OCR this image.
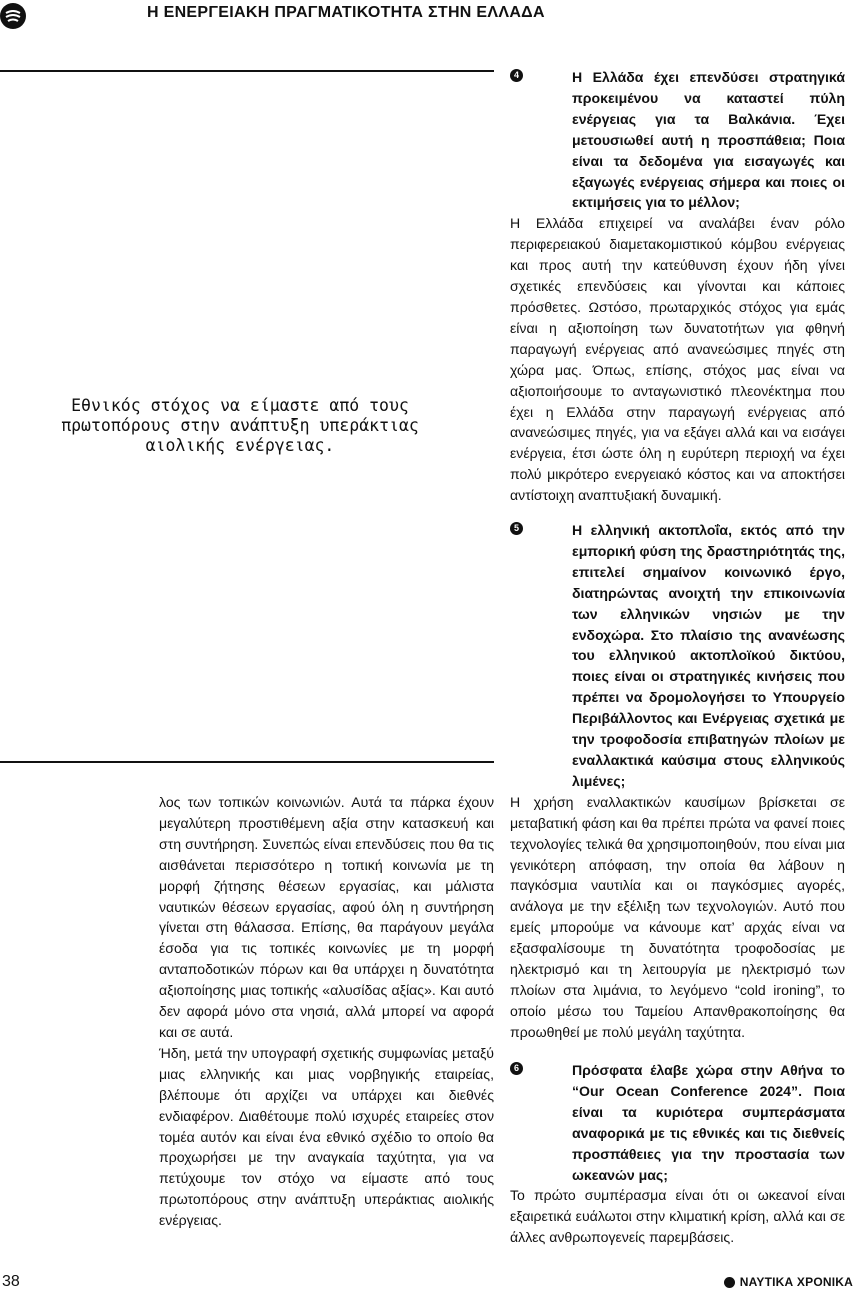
Η ΕΝΕΡΓΕΙΑΚΗ ΠΡΑΓΜΑΤΙΚΟΤΗΤΑ ΣΤΗΝ ΕΛΛΑΔΑ
Εθνικός στόχος να είμαστε από τους
πρωτοπόρους στην ανάπτυξη υπεράκτιας
αιολικής ενέργειας.

λος των τοπικών κοινωνιών. Αυτά τα πάρκα έχουν μεγαλύτερη προστιθέμενη αξία στην κατασκευή και στη συντήρηση. Συνεπώς είναι επενδύσεις που θα τις αισθάνεται περισσότερο η τοπική κοινωνία με τη μορφή ζήτησης θέσεων εργασίας, και μάλιστα ναυτικών θέσεων εργασίας, αφού όλη η συντήρηση γίνεται στη θάλασσα. Επίσης, θα παράγουν μεγάλα έσοδα για τις τοπικές κοινωνίες με τη μορφή ανταποδοτικών πόρων και θα υπάρχει η δυνατότητα αξιοποίησης μιας τοπικής «αλυσίδας αξίας». Και αυτό δεν αφορά μόνο στα νησιά, αλλά μπορεί να αφορά και σε αυτά.

Ήδη, μετά την υπογραφή σχετικής συμφωνίας μεταξύ μιας ελληνικής και μιας νορβηγικής εταιρείας, βλέπουμε ότι αρχίζει να υπάρχει και διεθνές ενδιαφέρον. Διαθέτουμε πολύ ισχυρές εταιρείες στον τομέα αυτόν και είναι ένα εθνικό σχέδιο το οποίο θα προχωρήσει με την αναγκαία ταχύτητα, για να πετύχουμε τον στόχο να είμαστε από τους πρωτοπόρους στην ανάπτυξη υπεράκτιας αιολικής ενέργειας.

4	Η Ελλάδα έχει επενδύσει στρατηγικά προκειμένου να καταστεί πύλη ενέργειας για τα Βαλκάνια. Έχει μετουσιωθεί αυτή η προσπάθεια; Ποια είναι τα δεδομένα για εισαγωγές και εξαγωγές ενέργειας σήμερα και ποιες οι εκτιμήσεις για το μέλλον;
Η Ελλάδα επιχειρεί να αναλάβει έναν ρόλο περιφερειακού διαμετακομιστικού κόμβου ενέργειας και προς αυτή την κατεύθυνση έχουν ήδη γίνει σχετικές επενδύσεις και γίνονται και κάποιες πρόσθετες. Ωστόσο, πρωταρχικός στόχος για εμάς είναι η αξιοποίηση των δυνατοτήτων για φθηνή παραγωγή ενέργειας από ανανεώσιμες πηγές στη χώρα μας. Όπως, επίσης, στόχος μας είναι να αξιοποιήσουμε το ανταγωνιστικό πλεονέκτημα που έχει η Ελλάδα στην παραγωγή ενέργειας από ανανεώσιμες πηγές, για να εξάγει αλλά και να εισάγει ενέργεια, έτσι ώστε όλη η ευρύτερη περιοχή να έχει πολύ μικρότερο ενεργειακό κόστος και να αποκτήσει αντίστοιχη αναπτυξιακή δυναμική.
5	Η ελληνική ακτοπλοΐα, εκτός από την εμπορική φύση της δραστηριότητάς της, επιτελεί σημαίνον κοινωνικό έργο, διατηρώντας ανοιχτή την επικοινωνία των ελληνικών νησιών με την ενδοχώρα. Στο πλαίσιο της ανανέωσης του ελληνικού ακτοπλοϊκού δικτύου, ποιες είναι οι στρατηγικές κινήσεις που πρέπει να δρομολογήσει το Υπουργείο Περιβάλλοντος και Ενέργειας σχετικά με την τροφοδοσία επιβατηγών πλοίων με εναλλακτικά καύσιμα στους ελληνικούς λιμένες;
Η χρήση εναλλακτικών καυσίμων βρίσκεται σε μεταβατική φάση και θα πρέπει πρώτα να φανεί ποιες τεχνολογίες τελικά θα χρησιμοποιηθούν, που είναι μια γενικότερη απόφαση, την οποία θα λάβουν η παγκόσμια ναυτιλία και οι παγκόσμιες αγορές, ανάλογα με την εξέλιξη των τεχνολογιών. Αυτό που εμείς μπορούμε να κάνουμε κατ’ αρχάς είναι να εξασφαλίσουμε τη δυνατότητα τροφοδοσίας με ηλεκτρισμό και τη λειτουργία με ηλεκτρισμό των πλοίων στα λιμάνια, το λεγόμενο “cold ironing”, το οποίο μέσω του Ταμείου Απανθρακοποίησης θα προωθηθεί με πολύ μεγάλη ταχύτητα.
6	Πρόσφατα έλαβε χώρα στην Αθήνα το “Our Ocean Conference 2024”. Ποια είναι τα κυριότερα συμπεράσματα αναφορικά με τις εθνικές και τις διεθνείς προσπάθειες για την προστασία των ωκεανών μας;
Το πρώτο συμπέρασμα είναι ότι οι ωκεανοί είναι εξαιρετικά ευάλωτοι στην κλιματική κρίση, αλλά και σε άλλες ανθρωπογενείς παρεμβάσεις.
38	ΝΑΥΤΙΚΑ ΧΡΟΝΙΚΑ
